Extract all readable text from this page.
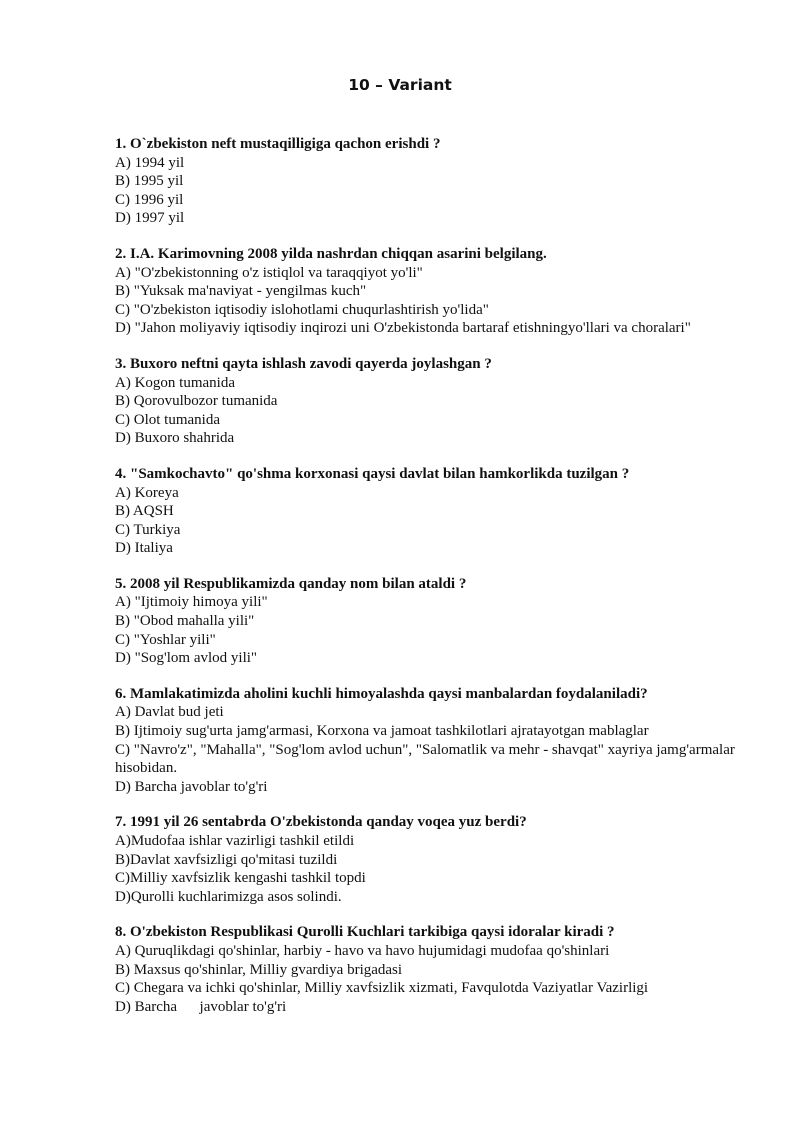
10 – Variant
1. O`zbekiston neft mustaqilligiga qachon erishdi ?
A) 1994 yil
B) 1995 yil
C) 1996 yil
D) 1997 yil
2. I.A. Karimovning 2008 yilda nashrdan chiqqan asarini belgilang.
A) "O'zbekistonning o'z istiqlol va taraqqiyot yo'li"
B) "Yuksak ma'naviyat - yengilmas kuch"
C) "O'zbekiston iqtisodiy islohotlami chuqurlashtirish yo'lida"
D) "Jahon moliyaviy iqtisodiy inqirozi uni O'zbekistonda bartaraf etishningyo'llari va choralari"
3. Buxoro neftni qayta ishlash zavodi qayerda joylashgan ?
A) Kogon tumanida
B) Qorovulbozor tumanida
C) Olot tumanida
D) Buxoro shahrida
4. "Samkochavto" qo'shma korxonasi qaysi davlat bilan hamkorlikda tuzilgan ?
A) Koreya
B) AQSH
C) Turkiya
D) Italiya
5. 2008 yil Respublikamizda qanday nom bilan ataldi ?
A) "Ijtimoiy himoya yili"
B) "Obod mahalla yili"
C) "Yoshlar yili"
D) "Sog'lom avlod yili"
6. Mamlakatimizda aholini kuchli himoyalashda qaysi manbalardan foydalaniladi?
A) Davlat bud jeti
B) Ijtimoiy sug'urta jamg'armasi, Korxona va jamoat tashkilotlari ajratayotgan mablaglar
C) "Navro'z", "Mahalla", "Sog'lom avlod uchun", "Salomatlik va mehr - shavqat" xayriya jamg'armalar hisobidan.
D) Barcha javoblar to'g'ri
7. 1991 yil 26 sentabrda O'zbekistonda qanday voqea yuz berdi?
A)Mudofaa ishlar vazirligi tashkil etildi
B)Davlat xavfsizligi qo'mitasi tuzildi
C)Milliy xavfsizlik kengashi tashkil topdi
D)Qurolli kuchlarimizga asos solindi.
8. O'zbekiston Respublikasi Qurolli Kuchlari tarkibiga qaysi idoralar kiradi ?
A) Quruqlikdagi qo'shinlar, harbiy - havo va havo hujumidagi mudofaa qo'shinlari
B) Maxsus qo'shinlar, Milliy gvardiya brigadasi
C) Chegara va ichki qo'shinlar, Milliy xavfsizlik xizmati, Favqulotda Vaziyatlar Vazirligi
D) Barcha      javoblar to'g'ri
